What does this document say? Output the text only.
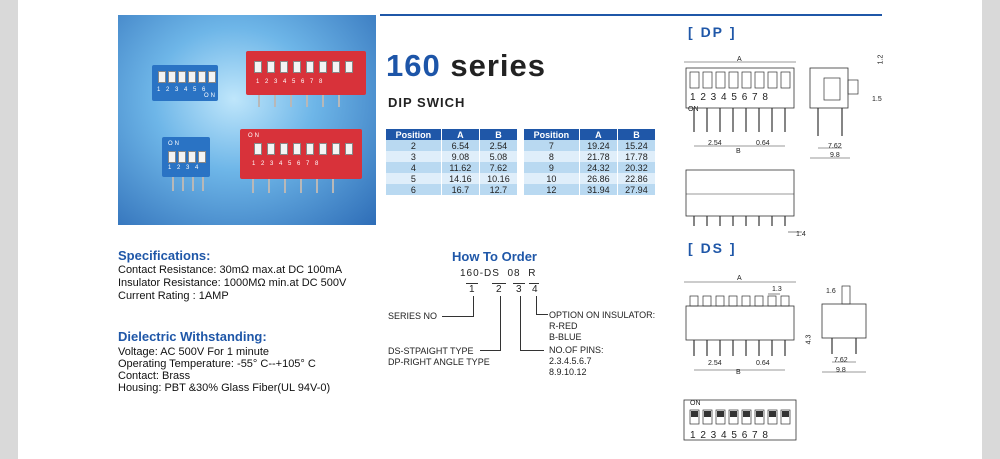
1 2 3 4 5 6
ON
1 2 3 4 5 6 7 8
ON
1 2 3 4
ON
1 2 3 4 5 6 7 8
160 series
DIP SWICH
Position	A	B
2	6.54	2.54
3	9.08	5.08
4	11.62	7.62
5	14.16	10.16
6	16.7	12.7
Position	A	B
7	19.24	15.24
8	21.78	17.78
9	24.32	20.32
10	26.86	22.86
12	31.94	27.94
Specifications:
Contact Resistance: 30mΩ max.at DC 100mA
Insulator Resistance: 1000MΩ min.at DC 500V
Current Rating : 1AMP
Dielectric Withstanding:
Voltage: AC 500V For 1 minute
Operating Temperature: -55° C--+105° C
Contact: Brass
Housing: PBT &30% Glass Fiber(UL 94V-0)
How To Order
160-DS 08 R
1 2 3 4
SERIES NO	OPTION ON INSULATOR:
R-RED
B-BLUE
DS-STPAIGHT TYPE
DP-RIGHT ANGLE TYPE
NO.OF PINS:
2.3.4.5.6.7
8.9.10.12
[ DP ]
A
1 2 3 4 5 6 7 8
ON
2.54	0.64
B
1.2
1.5
7.62
9.8
1.4
[ DS ]
A
1.3
4.3
2.54	0.64
B
1.6
7.62
9.8
ON
1 2 3 4 5 6 7 8
